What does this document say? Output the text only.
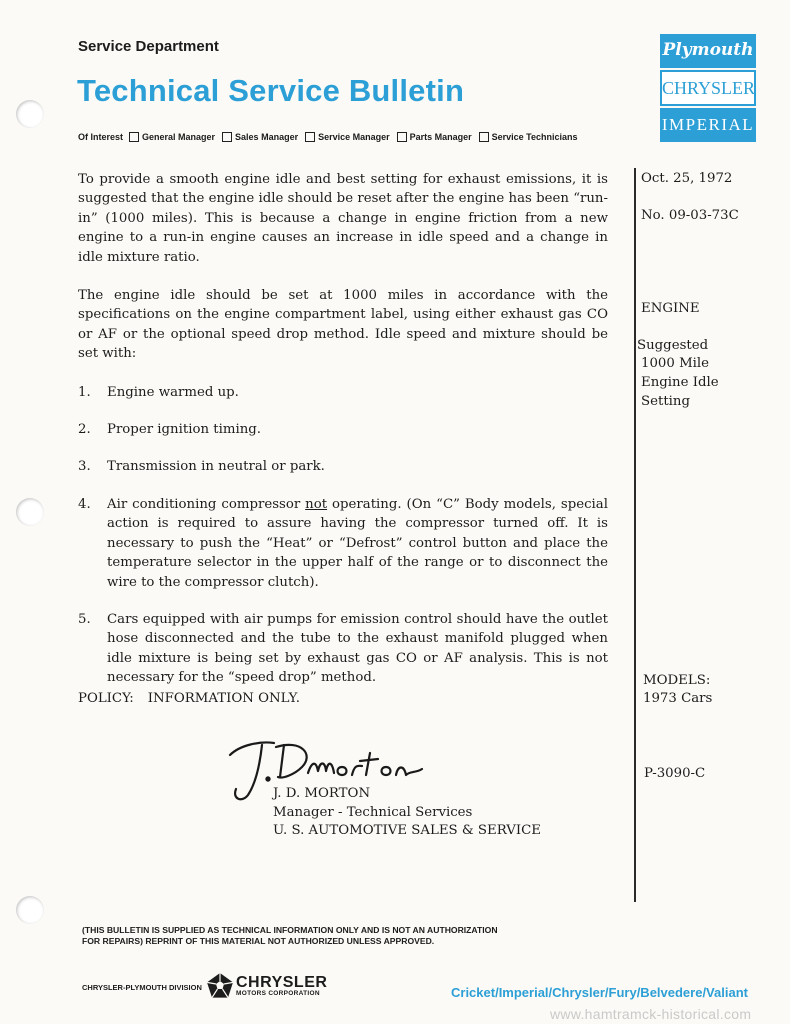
Service Department
Technical Service Bulletin
Of Interest General Manager Sales Manager Service Manager Parts Manager Service Technicians
Plymouth
CHRYSLER
IMPERIAL

To provide a smooth engine idle and best setting for exhaust emissions, it is suggested that the engine idle should be reset after the engine has been “run-in” (1000 miles). This is because a change in engine friction from a new engine to a run-in engine causes an increase in idle speed and a change in idle mixture ratio.

The engine idle should be set at 1000 miles in accordance with the specifications on the engine compartment label, using either exhaust gas CO or AF or the optional speed drop method. Idle speed and mixture should be set with:

1.	Engine warmed up.
2.	Proper ignition timing.
3.	Transmission in neutral or park.
4.	Air conditioning compressor not operating. (On “C” Body models, special action is required to assure having the compressor turned off. It is necessary to push the “Heat” or “Defrost” control button and place the temperature selector in the upper half of the range or to disconnect the wire to the compressor clutch).
5.	Cars equipped with air pumps for emission control should have the outlet hose disconnected and the tube to the exhaust manifold plugged when idle mixture is being set by exhaust gas CO or AF analysis. This is not necessary for the “speed drop” method.
POLICY: INFORMATION ONLY.
J. D. MORTON
Manager - Technical Services
U. S. AUTOMOTIVE SALES & SERVICE
Oct. 25, 1972
No. 09-03-73C
ENGINE
Suggested
1000 Mile
Engine Idle
Setting
MODELS:
1973 Cars
P-3090-C
(THIS BULLETIN IS SUPPLIED AS TECHNICAL INFORMATION ONLY AND IS NOT AN AUTHORIZATION
FOR REPAIRS) REPRINT OF THIS MATERIAL NOT AUTHORIZED UNLESS APPROVED.
CHRYSLER-PLYMOUTH DIVISION CHRYSLER
MOTORS CORPORATION	Cricket/Imperial/Chrysler/Fury/Belvedere/Valiant
www.hamtramck-historical.com
